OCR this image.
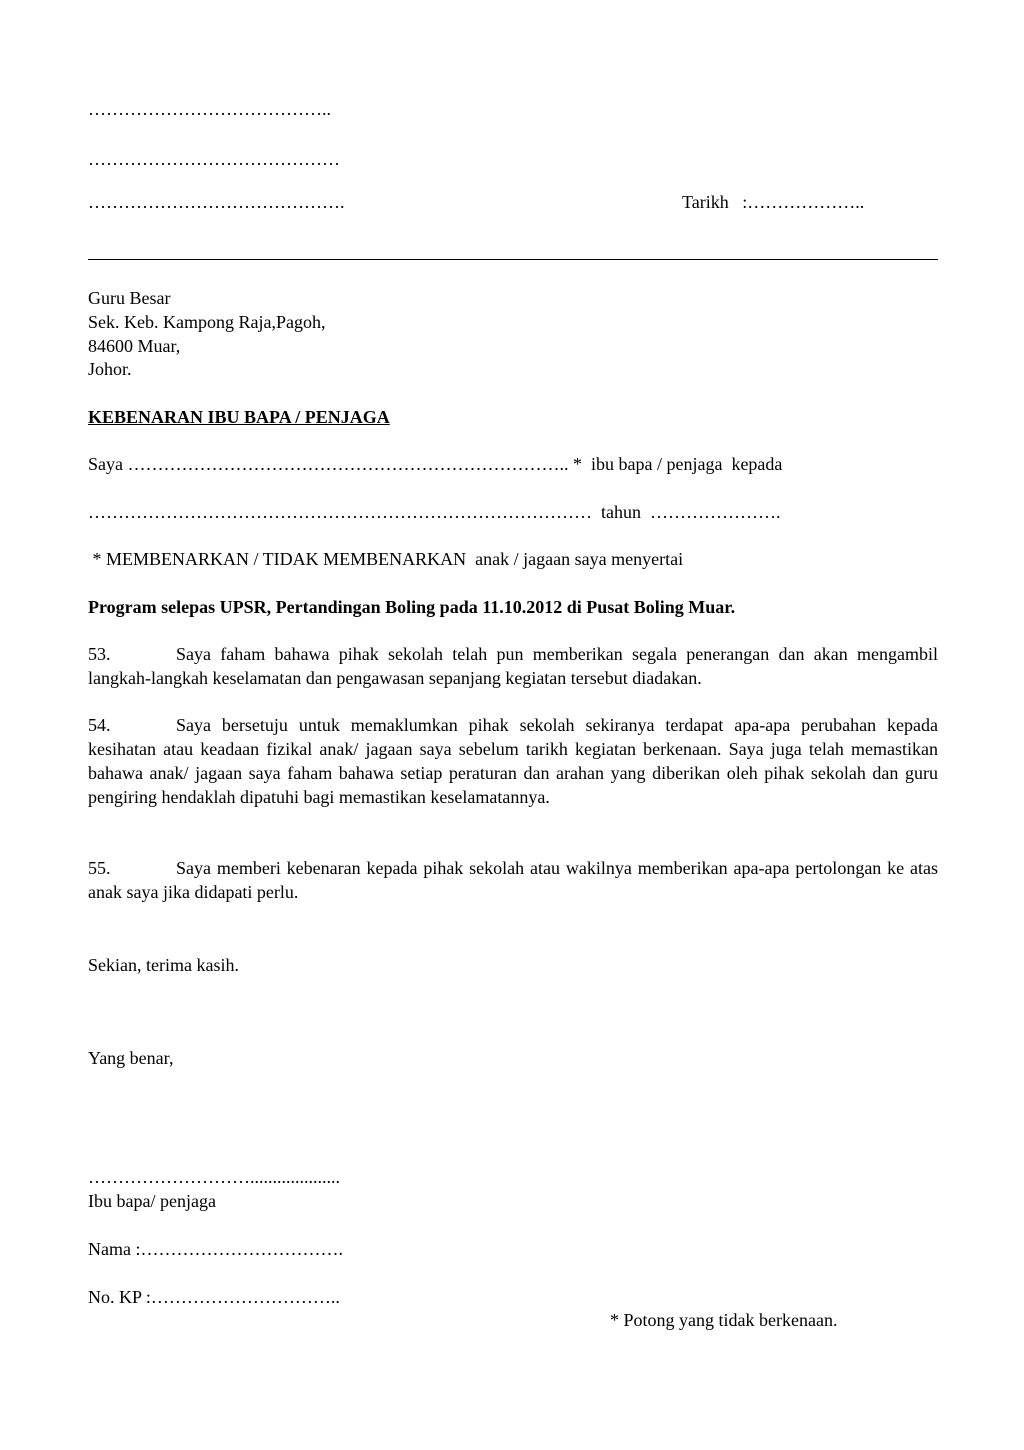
…………………………………..
……………………………………
…………………………………….	Tarikh   :………………..
Guru Besar
Sek. Keb. Kampong Raja,Pagoh,
84600 Muar,
Johor.
KEBENARAN IBU BAPA / PENJAGA
Saya ……………………………………………………………….. *  ibu bapa / penjaga  kepada
…………………………………………………………………………  tahun  ………………….
* MEMBENARKAN / TIDAK MEMBENARKAN  anak / jagaan saya menyertai
Program selepas UPSR, Pertandingan Boling pada 11.10.2012 di Pusat Boling Muar.
53.	Saya faham bahawa pihak sekolah telah pun memberikan segala penerangan dan akan mengambil langkah-langkah keselamatan dan pengawasan sepanjang kegiatan tersebut diadakan.
54.	Saya bersetuju untuk memaklumkan pihak sekolah sekiranya terdapat apa-apa perubahan kepada kesihatan atau keadaan fizikal anak/ jagaan saya sebelum tarikh kegiatan berkenaan. Saya juga telah memastikan bahawa anak/ jagaan saya faham bahawa setiap peraturan dan arahan yang diberikan oleh pihak sekolah dan guru pengiring hendaklah dipatuhi bagi memastikan keselamatannya.
55.	Saya memberi kebenaran kepada pihak sekolah atau wakilnya memberikan apa-apa pertolongan ke atas anak saya jika didapati perlu.
Sekian, terima kasih.
Yang benar,
………………………....................
Ibu bapa/ penjaga
Nama :…………………………….
No. KP :…………………………..
* Potong yang tidak berkenaan.
